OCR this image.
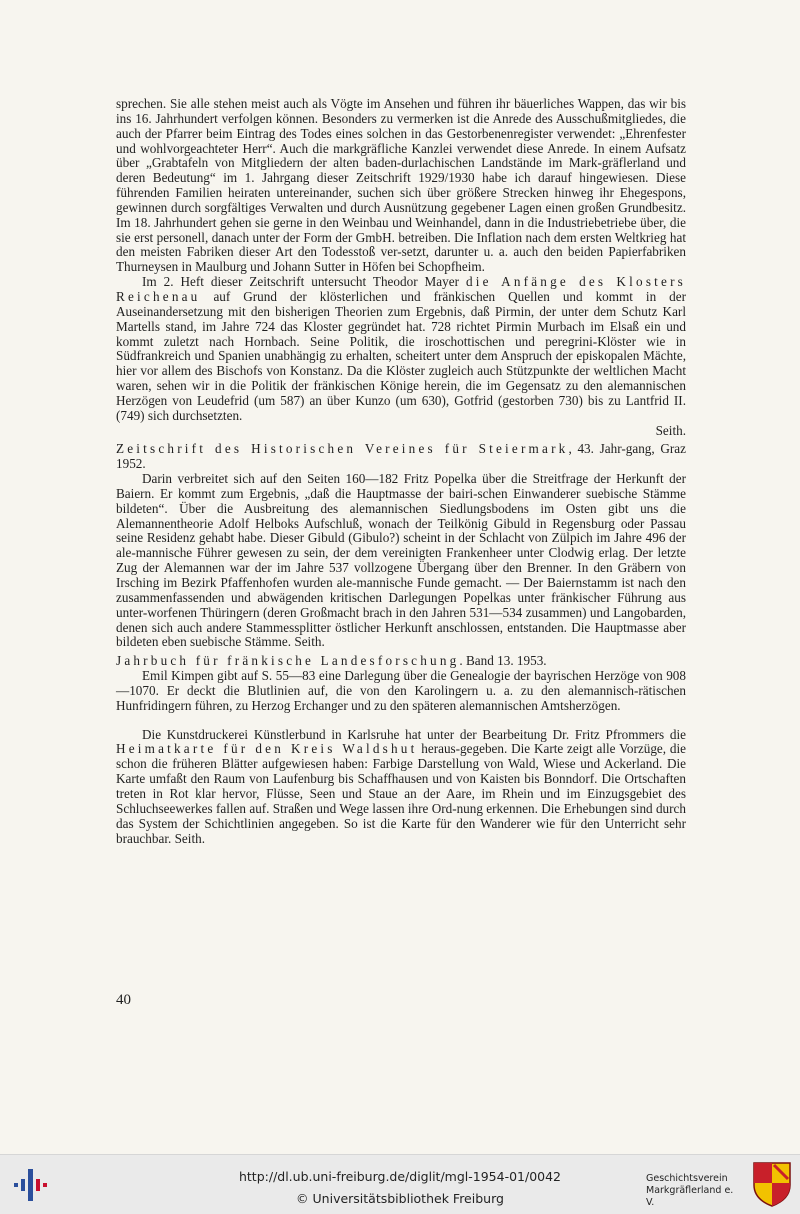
sprechen. Sie alle stehen meist auch als Vögte im Ansehen und führen ihr bäuerliches Wappen, das wir bis ins 16. Jahrhundert verfolgen können. Besonders zu vermerken ist die Anrede des Ausschußmitgliedes, die auch der Pfarrer beim Eintrag des Todes eines solchen in das Gestorbenenregister verwendet: „Ehrenfester und wohlvorgeachteter Herr“. Auch die markgräfliche Kanzlei verwendet diese Anrede. In einem Aufsatz über „Grabtafeln von Mitgliedern der alten baden-durlachischen Landstände im Mark-gräflerland und deren Bedeutung“ im 1. Jahrgang dieser Zeitschrift 1929/1930 habe ich darauf hingewiesen. Diese führenden Familien heiraten untereinander, suchen sich über größere Strecken hinweg ihr Ehegespons, gewinnen durch sorgfältiges Verwalten und durch Ausnützung gegebener Lagen einen großen Grundbesitz. Im 18. Jahrhundert gehen sie gerne in den Weinbau und Weinhandel, dann in die Industriebetriebe über, die sie erst personell, danach unter der Form der GmbH. betreiben. Die Inflation nach dem ersten Weltkrieg hat den meisten Fabriken dieser Art den Todesstoß ver-setzt, darunter u. a. auch den beiden Papierfabriken Thurneysen in Maulburg und Johann Sutter in Höfen bei Schopfheim.

Im 2. Heft dieser Zeitschrift untersucht Theodor Mayer die Anfänge des Klosters Reichenau auf Grund der klösterlichen und fränkischen Quellen und kommt in der Auseinandersetzung mit den bisherigen Theorien zum Ergebnis, daß Pirmin, der unter dem Schutz Karl Martells stand, im Jahre 724 das Kloster gegründet hat. 728 richtet Pirmin Murbach im Elsaß ein und kommt zuletzt nach Hornbach. Seine Politik, die iroschottischen und peregrini-Klöster wie in Südfrankreich und Spanien unabhängig zu erhalten, scheitert unter dem Anspruch der episkopalen Mächte, hier vor allem des Bischofs von Konstanz. Da die Klöster zugleich auch Stützpunkte der weltlichen Macht waren, sehen wir in die Politik der fränkischen Könige herein, die im Gegensatz zu den alemannischen Herzögen von Leudefrid (um 587) an über Kunzo (um 630), Gotfrid (gestorben 730) bis zu Lantfrid II. (749) sich durchsetzten.

Seith.

Zeitschrift des Historischen Vereines für Steiermark, 43. Jahr-gang, Graz 1952.

Darin verbreitet sich auf den Seiten 160—182 Fritz Popelka über die Streitfrage der Herkunft der Baiern. Er kommt zum Ergebnis, „daß die Hauptmasse der bairi-schen Einwanderer suebische Stämme bildeten“. Über die Ausbreitung des alemannischen Siedlungsbodens im Osten gibt uns die Alemannentheorie Adolf Helboks Aufschluß, wonach der Teilkönig Gibuld in Regensburg oder Passau seine Residenz gehabt habe. Dieser Gibuld (Gibulo?) scheint in der Schlacht von Zülpich im Jahre 496 der ale-mannische Führer gewesen zu sein, der dem vereinigten Frankenheer unter Clodwig erlag. Der letzte Zug der Alemannen war der im Jahre 537 vollzogene Übergang über den Brenner. In den Gräbern von Irsching im Bezirk Pfaffenhofen wurden ale-mannische Funde gemacht. — Der Baiernstamm ist nach den zusammenfassenden und abwägenden kritischen Darlegungen Popelkas unter fränkischer Führung aus unter-worfenen Thüringern (deren Großmacht brach in den Jahren 531—534 zusammen) und Langobarden, denen sich auch andere Stammessplitter östlicher Herkunft anschlossen, entstanden. Die Hauptmasse aber bildeten eben suebische Stämme. Seith.

Jahrbuch für fränkische Landesforschung. Band 13. 1953.

Emil Kimpen gibt auf S. 55—83 eine Darlegung über die Genealogie der bayrischen Herzöge von 908—1070. Er deckt die Blutlinien auf, die von den Karolingern u. a. zu den alemannisch-rätischen Hunfridingern führen, zu Herzog Erchanger und zu den späteren alemannischen Amtsherzögen.

Die Kunstdruckerei Künstlerbund in Karlsruhe hat unter der Bearbeitung Dr. Fritz Pfrommers die Heimatkarte für den Kreis Waldshut heraus-gegeben. Die Karte zeigt alle Vorzüge, die schon die früheren Blätter aufgewiesen haben: Farbige Darstellung von Wald, Wiese und Ackerland. Die Karte umfaßt den Raum von Laufenburg bis Schaffhausen und von Kaisten bis Bonndorf. Die Ortschaften treten in Rot klar hervor, Flüsse, Seen und Staue an der Aare, im Rhein und im Einzugsgebiet des Schluchseewerkes fallen auf. Straßen und Wege lassen ihre Ord-nung erkennen. Die Erhebungen sind durch das System der Schichtlinien angegeben. So ist die Karte für den Wanderer wie für den Unterricht sehr brauchbar. Seith.

40
http://dl.ub.uni-freiburg.de/diglit/mgl-1954-01/0042
© Universitätsbibliothek Freiburg
Geschichtsverein
Markgräflerland e. V.
